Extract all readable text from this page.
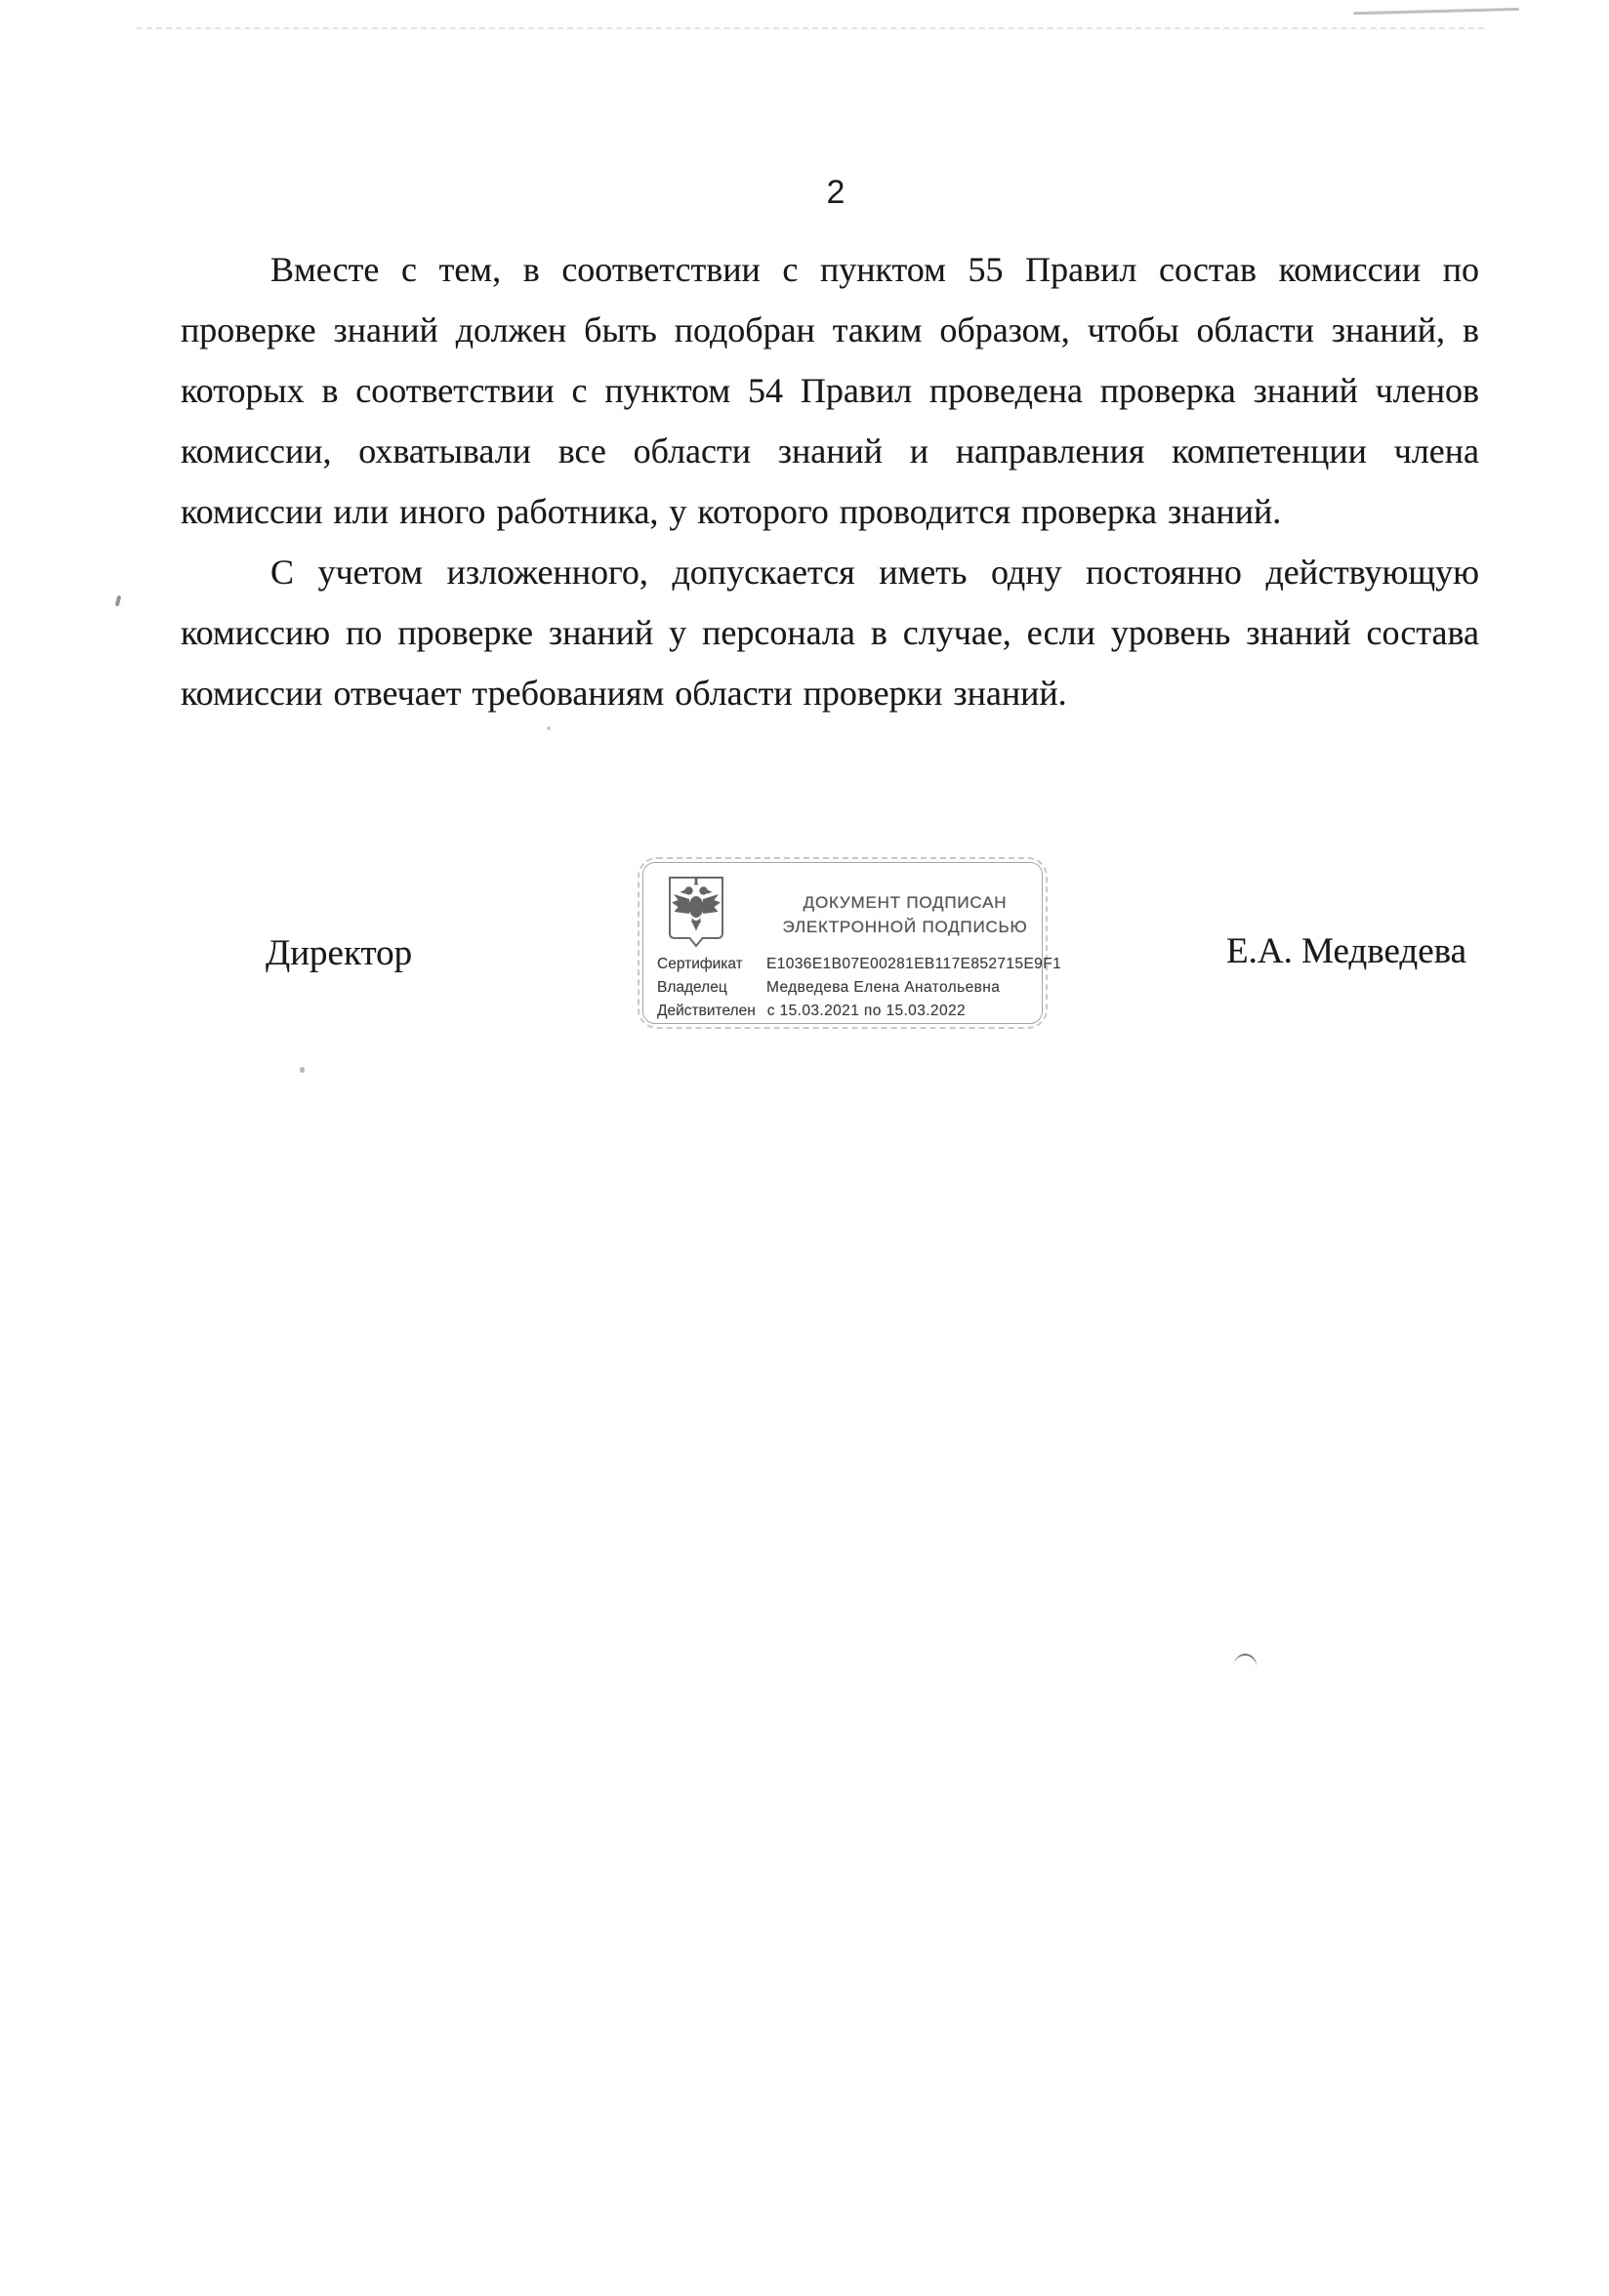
2
Вместе с тем, в соответствии с пунктом 55 Правил состав комиссии по
проверке знаний должен быть подобран таким образом, чтобы области знаний, в
которых в соответствии с пунктом 54 Правил проведена проверка знаний членов
комиссии, охватывали все области знаний и направления компетенции члена
комиссии или иного работника, у которого проводится проверка знаний.
С учетом изложенного, допускается иметь одну постоянно действующую
комиссию по проверке знаний у персонала в случае, если уровень знаний состава
комиссии отвечает требованиям области проверки знаний.
Директор	Е.А. Медведева
ДОКУМЕНТ ПОДПИСАН
ЭЛЕКТРОННОЙ ПОДПИСЬЮ
Сертификат E1036E1B07E00281EB117E852715E9F1
Владелец	Медведева Елена Анатольевна
Действителен с 15.03.2021 по 15.03.2022
